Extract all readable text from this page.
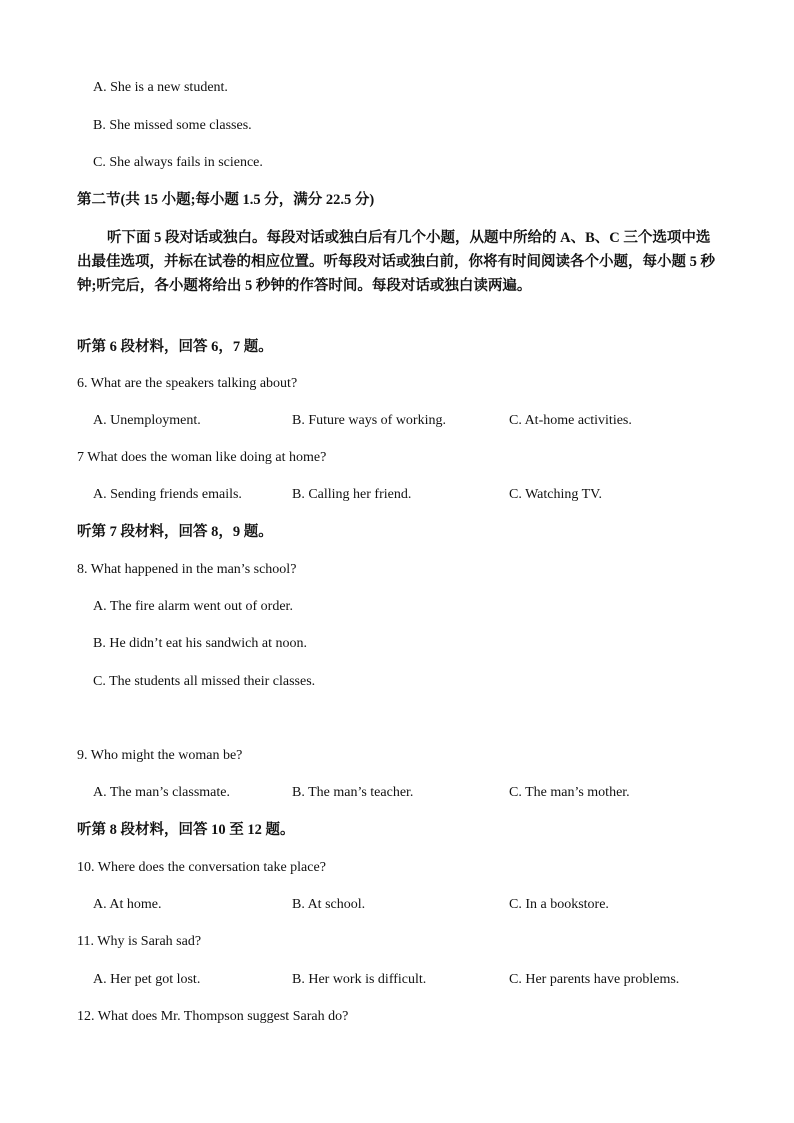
A. She is a new student.
B. She missed some classes.
C. She always fails in science.
第二节(共 15 小题;每小题 1.5 分，满分 22.5 分)
听下面 5 段对话或独白。每段对话或独白后有几个小题，从题中所给的 A、B、C 三个选项中选出最佳选项，并标在试卷的相应位置。听每段对话或独白前，你将有时间阅读各个小题，每小题 5 秒钟;听完后，各小题将给出 5 秒钟的作答时间。每段对话或独白读两遍。
听第 6 段材料，回答 6，7 题。
6. What are the speakers talking about?
A. Unemployment.	B. Future ways of working.	C. At-home activities.
7 What does the woman like doing at home?
A. Sending friends emails.	B. Calling her friend.	C. Watching TV.
听第 7 段材料，回答 8，9 题。
8. What happened in the man’s school?
A. The fire alarm went out of order.
B. He didn’t eat his sandwich at noon.
C. The students all missed their classes.
9. Who might the woman be?
A. The man’s classmate.	B. The man’s teacher.	C. The man’s mother.
听第 8 段材料，回答 10 至 12 题。
10. Where does the conversation take place?
A. At home.	B. At school.	C. In a bookstore.
11. Why is Sarah sad?
A. Her pet got lost.	B. Her work is difficult.	C. Her parents have problems.
12. What does Mr. Thompson suggest Sarah do?
